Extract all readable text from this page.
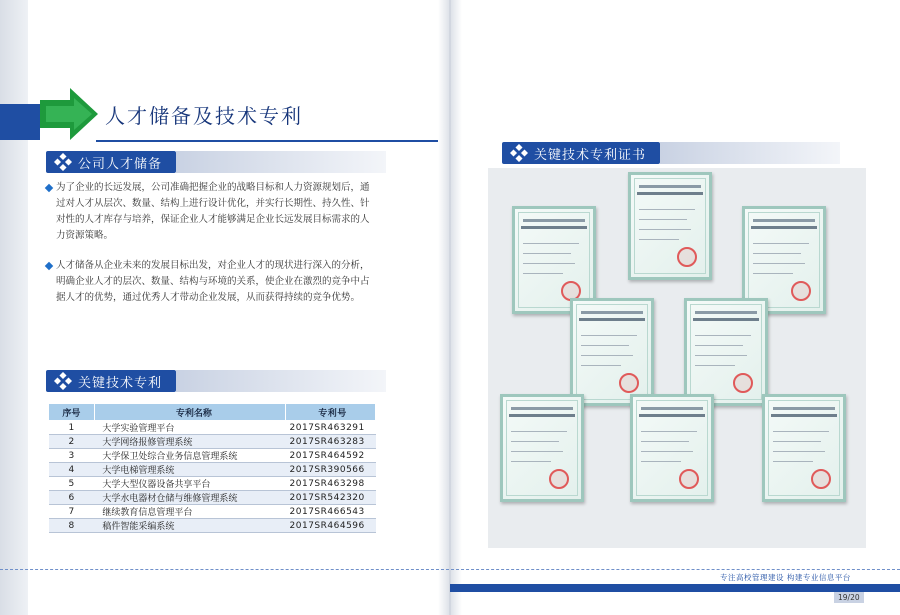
人才储备及技术专利
公司人才储备
为了企业的长远发展，公司准确把握企业的战略目标和人力资源规划后，通过对人才从层次、数量、结构上进行设计优化，并实行长期性、持久性、针对性的人才库存与培养，保证企业人才能够满足企业长远发展目标需求的人力资源策略。
人才储备从企业未来的发展目标出发，对企业人才的现状进行深入的分析，明确企业人才的层次、数量、结构与环境的关系，使企业在激烈的竞争中占据人才的优势，通过优秀人才带动企业发展，从而获得持续的竞争优势。
关键技术专利
序号	专利名称	专利号
1	大学实验管理平台	2017SR463291
2	大学网络报修管理系统	2017SR463283
3	大学保卫处综合业务信息管理系统	2017SR464592
4	大学电梯管理系统	2017SR390566
5	大学大型仪器设备共享平台	2017SR463298
6	大学水电器材仓储与维修管理系统	2017SR542320
7	继续教育信息管理平台	2017SR466543
8	稿件智能采编系统	2017SR464596
关键技术专利证书
专注高校管理建设 构建专业信息平台
19/20
